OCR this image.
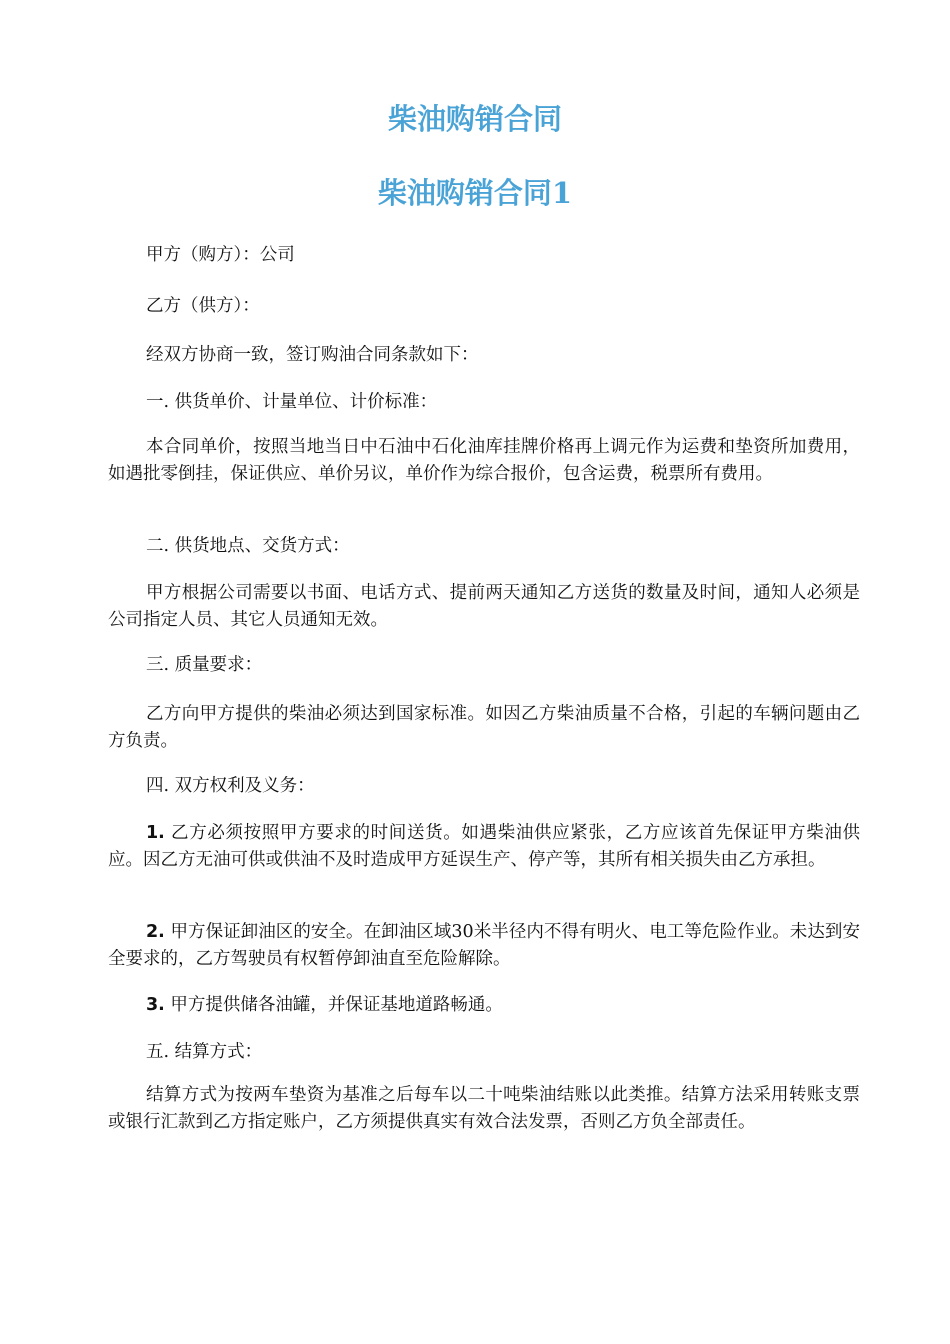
柴油购销合同
柴油购销合同1

甲方（购方）：公司

乙方（供方）：

经双方协商一致，签订购油合同条款如下：

一. 供货单价、计量单位、计价标准：

本合同单价，按照当地当日中石油中石化油库挂牌价格再上调元作为运费和垫资所加费用，如遇批零倒挂，保证供应、单价另议，单价作为综合报价，包含运费，税票所有费用。

二. 供货地点、交货方式：

甲方根据公司需要以书面、电话方式、提前两天通知乙方送货的数量及时间，通知人必须是公司指定人员、其它人员通知无效。

三. 质量要求：

乙方向甲方提供的柴油必须达到国家标准。如因乙方柴油质量不合格，引起的车辆问题由乙方负责。

四. 双方权利及义务：

1. 乙方必须按照甲方要求的时间送货。如遇柴油供应紧张，乙方应该首先保证甲方柴油供应。因乙方无油可供或供油不及时造成甲方延误生产、停产等，其所有相关损失由乙方承担。

2. 甲方保证卸油区的安全。在卸油区域30米半径内不得有明火、电工等危险作业。未达到安全要求的，乙方驾驶员有权暂停卸油直至危险解除。

3. 甲方提供储各油罐，并保证基地道路畅通。

五. 结算方式：

结算方式为按两车垫资为基准之后每车以二十吨柴油结账以此类推。结算方法采用转账支票或银行汇款到乙方指定账户，乙方须提供真实有效合法发票，否则乙方负全部责任。
